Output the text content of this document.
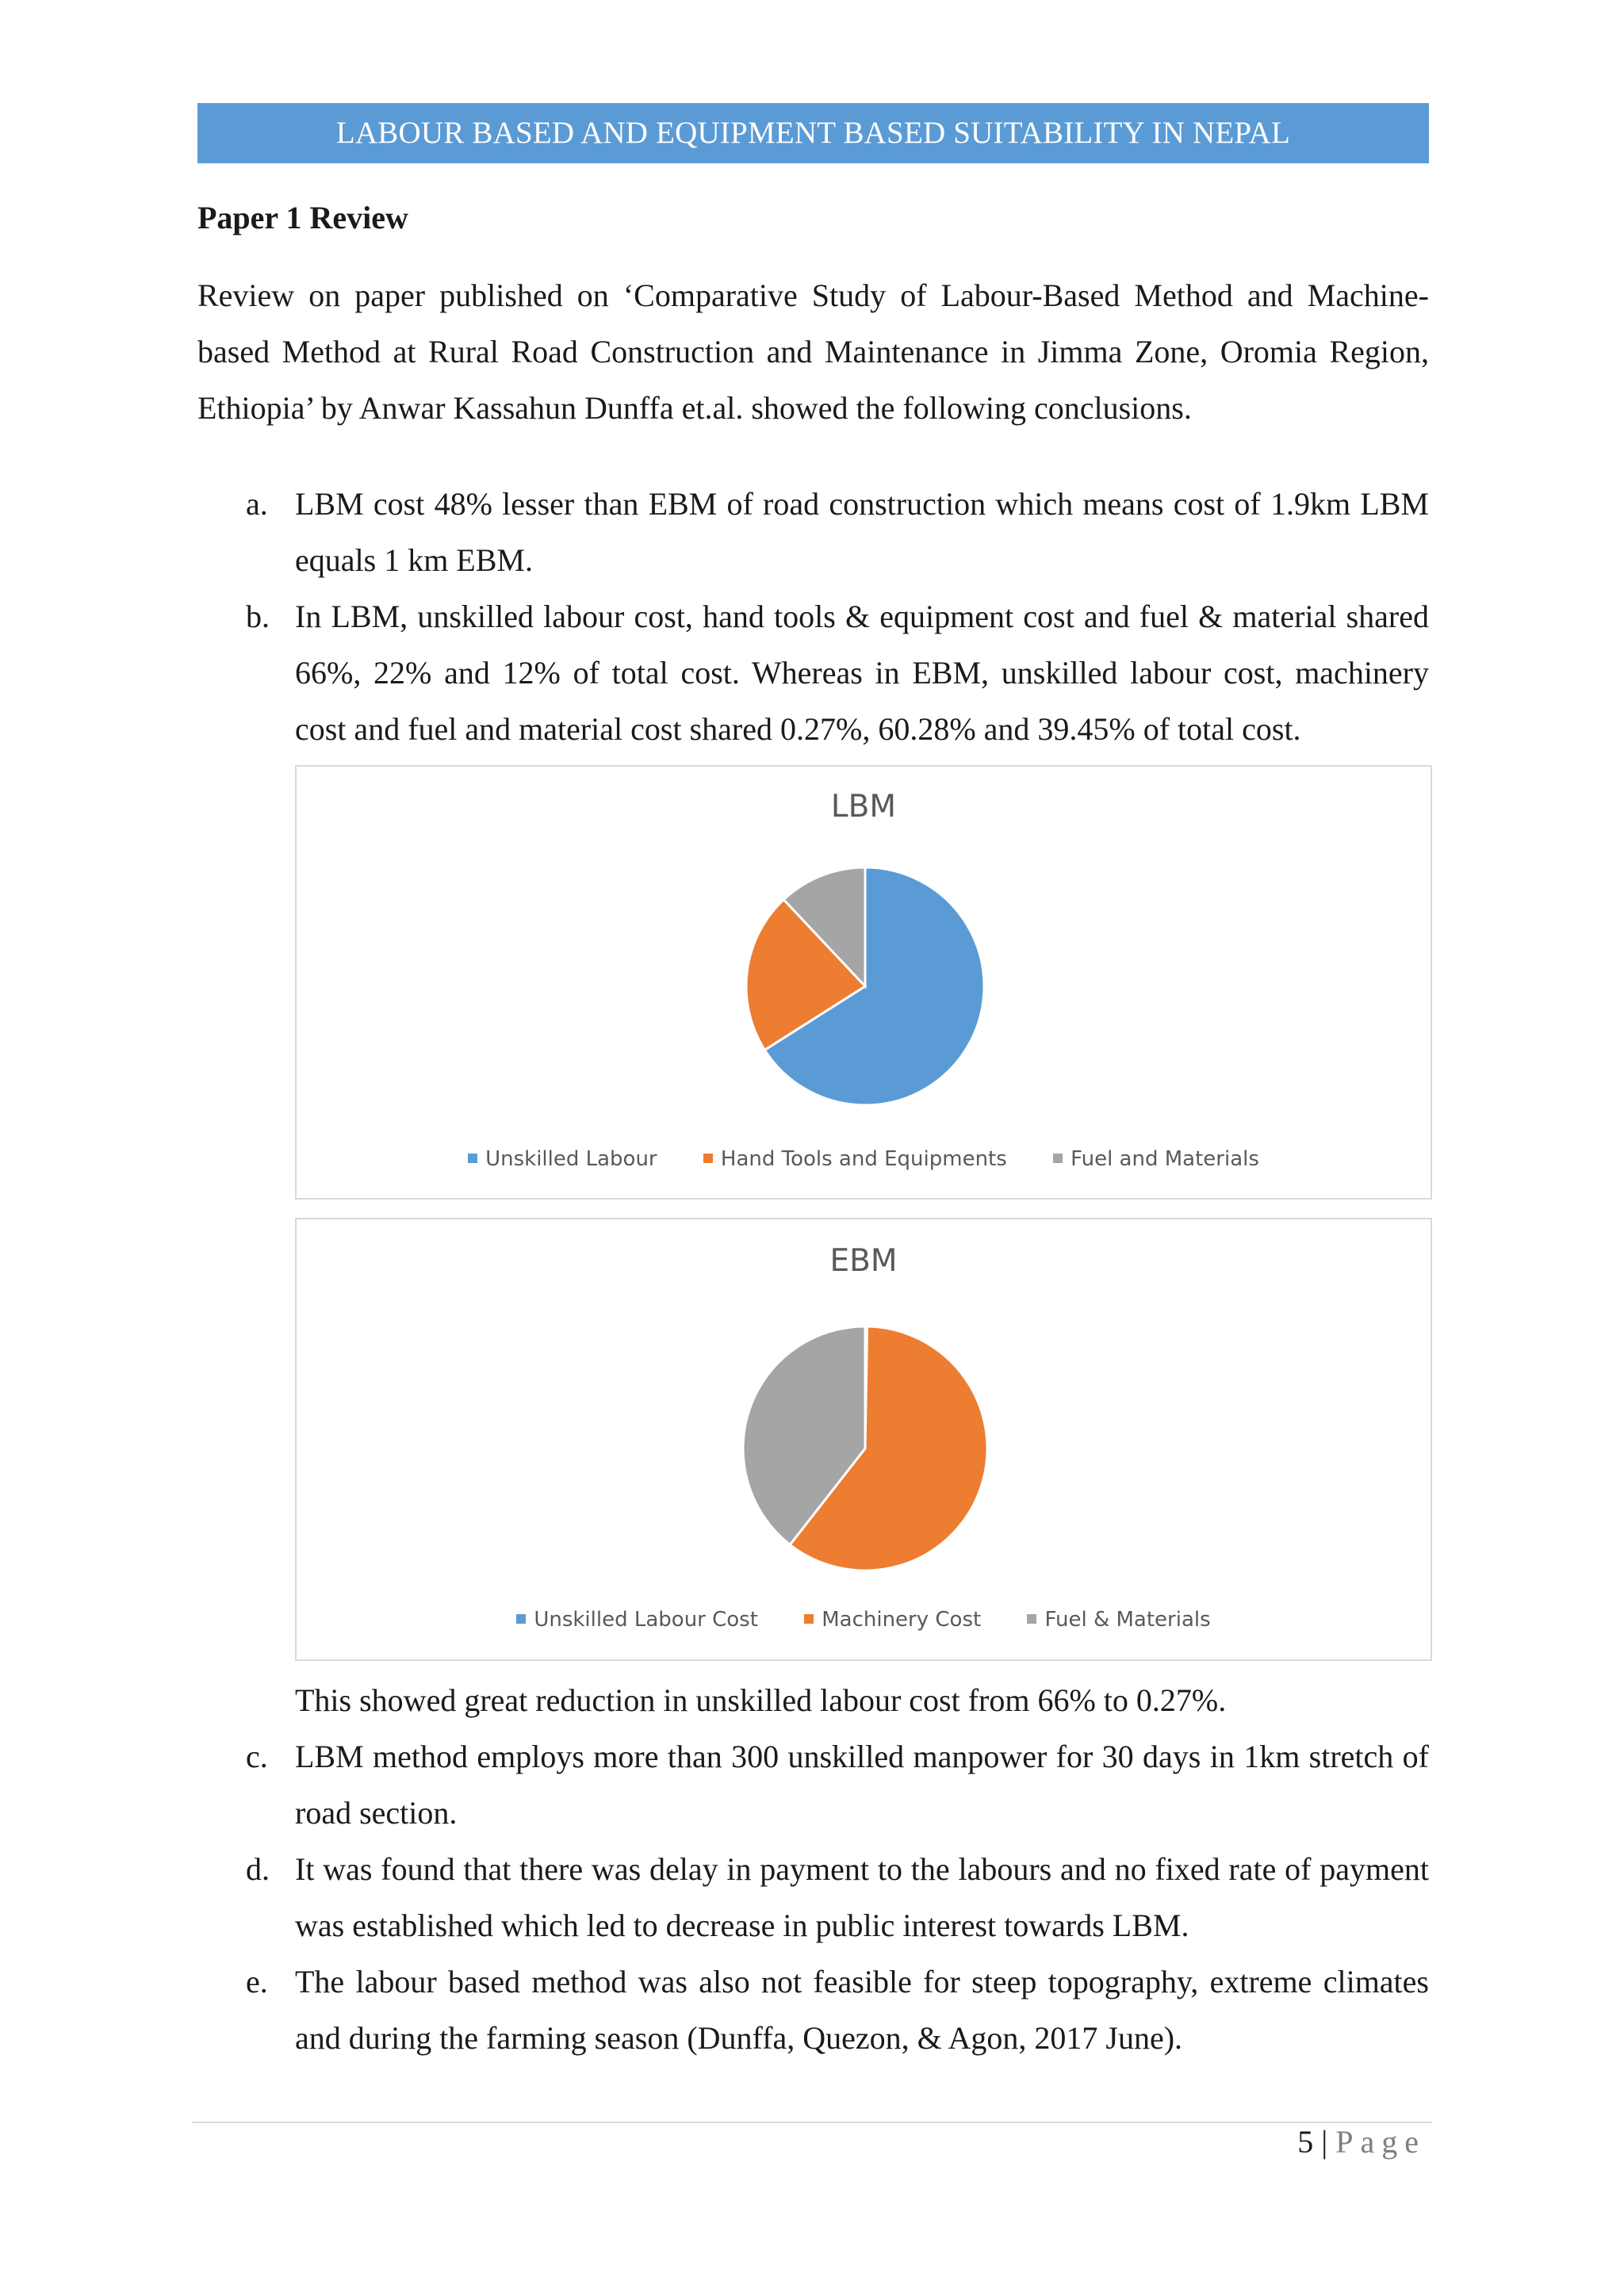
LABOUR BASED AND EQUIPMENT BASED SUITABILITY IN NEPAL
Paper 1 Review

Review on paper published on ‘Comparative Study of Labour-Based Method and Machine-based Method at Rural Road Construction and Maintenance in Jimma Zone, Oromia Region, Ethiopia’ by Anwar Kassahun Dunffa et.al. showed the following conclusions.

a. LBM cost 48% lesser than EBM of road construction which means cost of 1.9km LBM equals 1 km EBM.
b. In LBM, unskilled labour cost, hand tools & equipment cost and fuel & material shared 66%, 22% and 12% of total cost. Whereas in EBM, unskilled labour cost, machinery cost and fuel and material cost shared 0.27%, 60.28% and 39.45% of total cost.
LBM
Unskilled Labour	Hand Tools and Equipments	Fuel and Materials
EBM
Unskilled Labour Cost	Machinery Cost	Fuel & Materials
This showed great reduction in unskilled labour cost from 66% to 0.27%.
c. LBM method employs more than 300 unskilled manpower for 30 days in 1km stretch of road section.
d. It was found that there was delay in payment to the labours and no fixed rate of payment was established which led to decrease in public interest towards LBM.
e. The labour based method was also not feasible for steep topography, extreme climates and during the farming season (Dunffa, Quezon, & Agon, 2017 June).
5 | Page
